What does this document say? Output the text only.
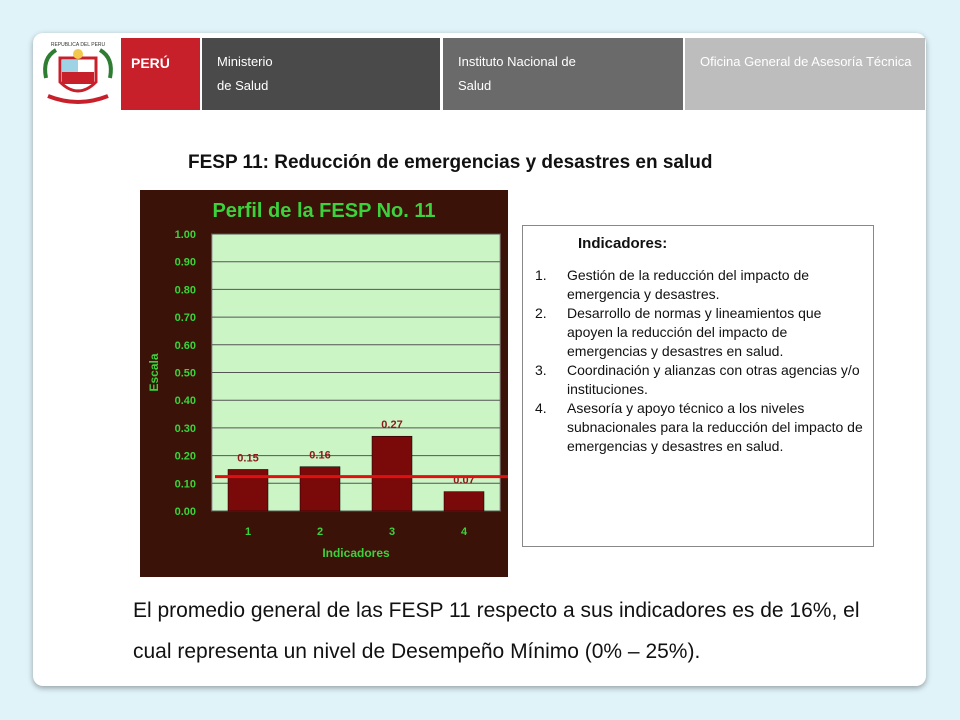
REPUBLICA DEL PERU
PERÚ	Ministerio
de Salud
Instituto Nacional de
Salud
Oficina General de Asesoría Técnica
FESP 11: Reducción de emergencias y desastres en salud
Perfil de la FESP No. 11
0.00
0.10
0.20
0.30
0.40
0.50
0.60
0.70
0.80
0.90
1.00
0.15	0.16
0.27
0.07
1	2	3	4
Escala
Indicadores
Indicadores:
1. Gestión de la reducción del impacto de emergencia y desastres.
2. Desarrollo de normas y lineamientos que apoyen la reducción del impacto de emergencias y desastres en salud.
3. Coordinación y alianzas con otras agencias y/o instituciones.
4. Asesoría y apoyo técnico a los niveles subnacionales para la reducción del impacto de emergencias y desastres en salud.
El promedio general de las FESP 11 respecto a sus indicadores es de 16%, el cual representa un nivel de Desempeño Mínimo (0% – 25%).
